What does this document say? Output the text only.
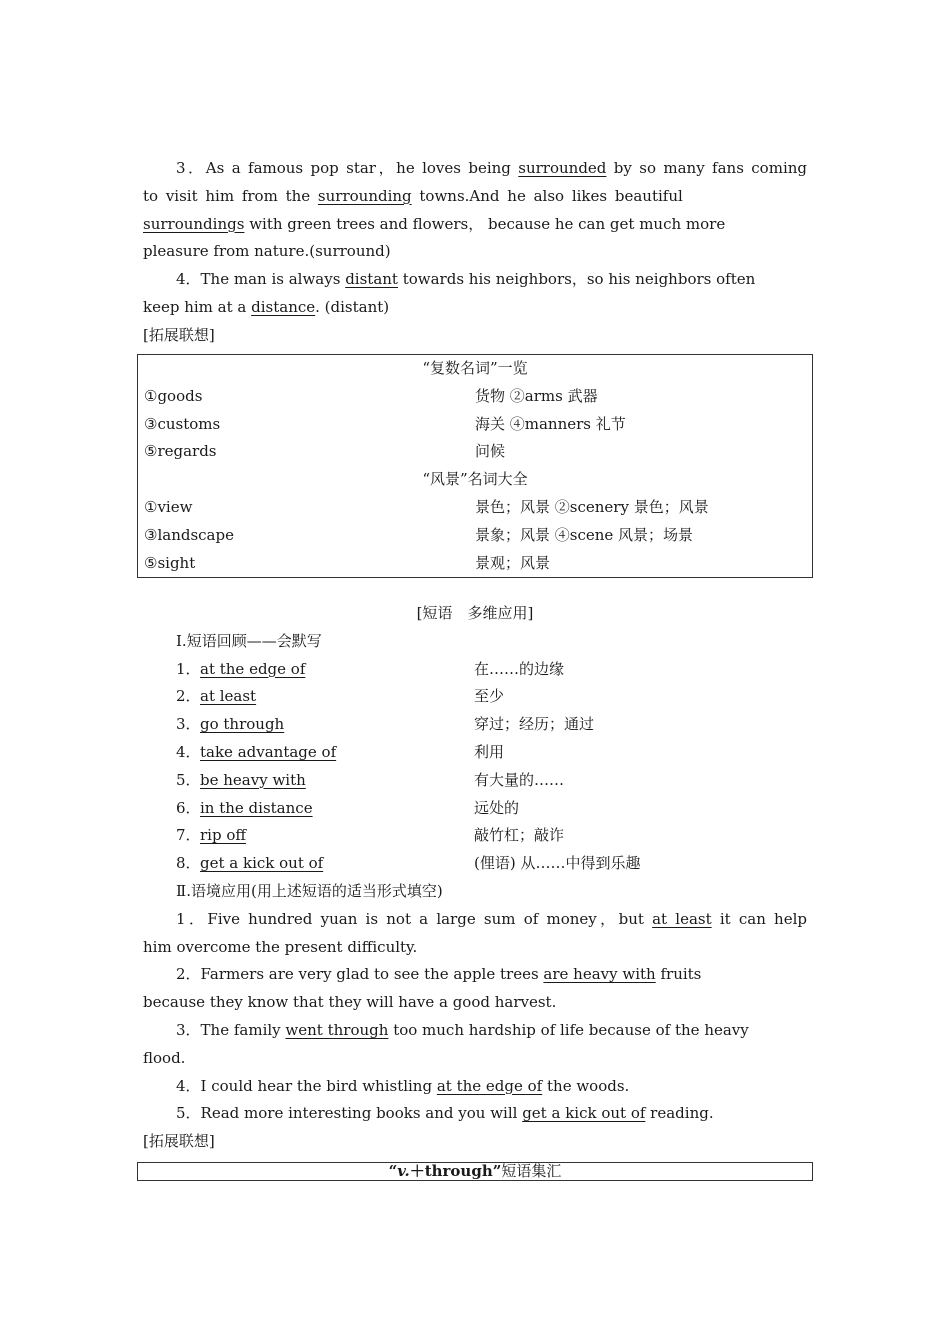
3．As a famous pop star，he loves being surrounded by so many fans coming
to visit him from the surrounding towns.And he also likes beautiful
surroundings with green trees and flowers， because he can get much more
pleasure from nature.(surround)
4．The man is always distant towards his neighbors，so his neighbors often
keep him at a distance. (distant)
[拓展联想]
“复数名词”一览
①goods	货物 ②arms 武器
③customs	海关 ④manners 礼节
⑤regards	问候
“风景”名词大全
①view	景色；风景 ②scenery 景色；风景
③landscape	景象；风景 ④scene 风景；场景
⑤sight	景观；风景
[短语　多维应用]
Ⅰ.短语回顾——会默写
1．at the edge of	在……的边缘
2．at least	至少
3．go through	穿过；经历；通过
4．take advantage of	利用
5．be heavy with	有大量的……
6．in the distance	远处的
7．rip off	敲竹杠；敲诈
8．get a kick out of	(俚语) 从……中得到乐趣
Ⅱ.语境应用(用上述短语的适当形式填空)
1．Five hundred yuan is not a large sum of money，but at least it can help
him overcome the present difficulty.
2．Farmers are very glad to see the apple trees are heavy with fruits
because they know that they will have a good harvest.
3．The family went through too much hardship of life because of the heavy
flood.
4．I could hear the bird whistling at the edge of the woods.
5．Read more interesting books and you will get a kick out of reading.
[拓展联想]
“v.＋through”短语集汇
